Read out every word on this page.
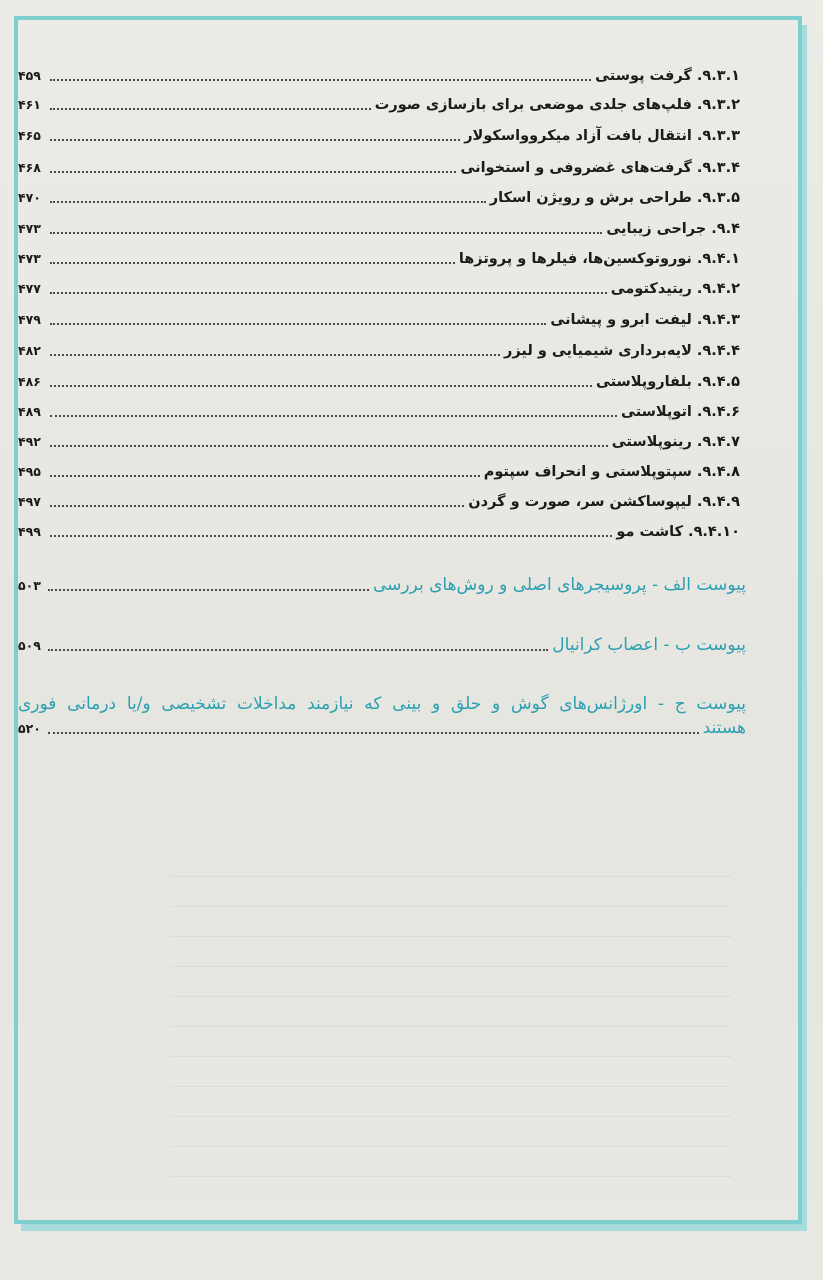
۹.۳.۱. گرفت پوستی
۴۵۹
۹.۳.۲. فلپ‌های جلدی موضعی برای بازسازی صورت
۴۶۱
۹.۳.۳. انتقال بافت آزاد میکروواسکولار
۴۶۵
۹.۳.۴. گرفت‌های غضروفی و استخوانی
۴۶۸
۹.۳.۵. طراحی برش و رویژن اسکار
۴۷۰
۹.۴. جراحی زیبایی
۴۷۳
۹.۴.۱. نوروتوکسین‌ها، فیلرها و پروتزها
۴۷۳
۹.۴.۲. ریتیدکتومی
۴۷۷
۹.۴.۳. لیفت ابرو و پیشانی
۴۷۹
۹.۴.۴. لایه‌برداری شیمیایی و لیزر
۴۸۲
۹.۴.۵. بلفاروپلاستی
۴۸۶
۹.۴.۶. اتوپلاستی
۴۸۹
۹.۴.۷. رینوپلاستی
۴۹۲
۹.۴.۸. سپتوپلاستی و انحراف سپتوم
۴۹۵
۹.۴.۹. لیپوساکشن سر، صورت و گردن
۴۹۷
۹.۴.۱۰. کاشت مو
۴۹۹
پیوست الف - پروسیجرهای اصلی و روش‌های بررسی
۵۰۳
پیوست ب - اعصاب کرانیال
۵۰۹
پیوست ج - اورژانس‌های گوش و حلق و بینی که نیازمند مداخلات تشخیصی و/یا درمانی فوری
هستند
۵۲۰
